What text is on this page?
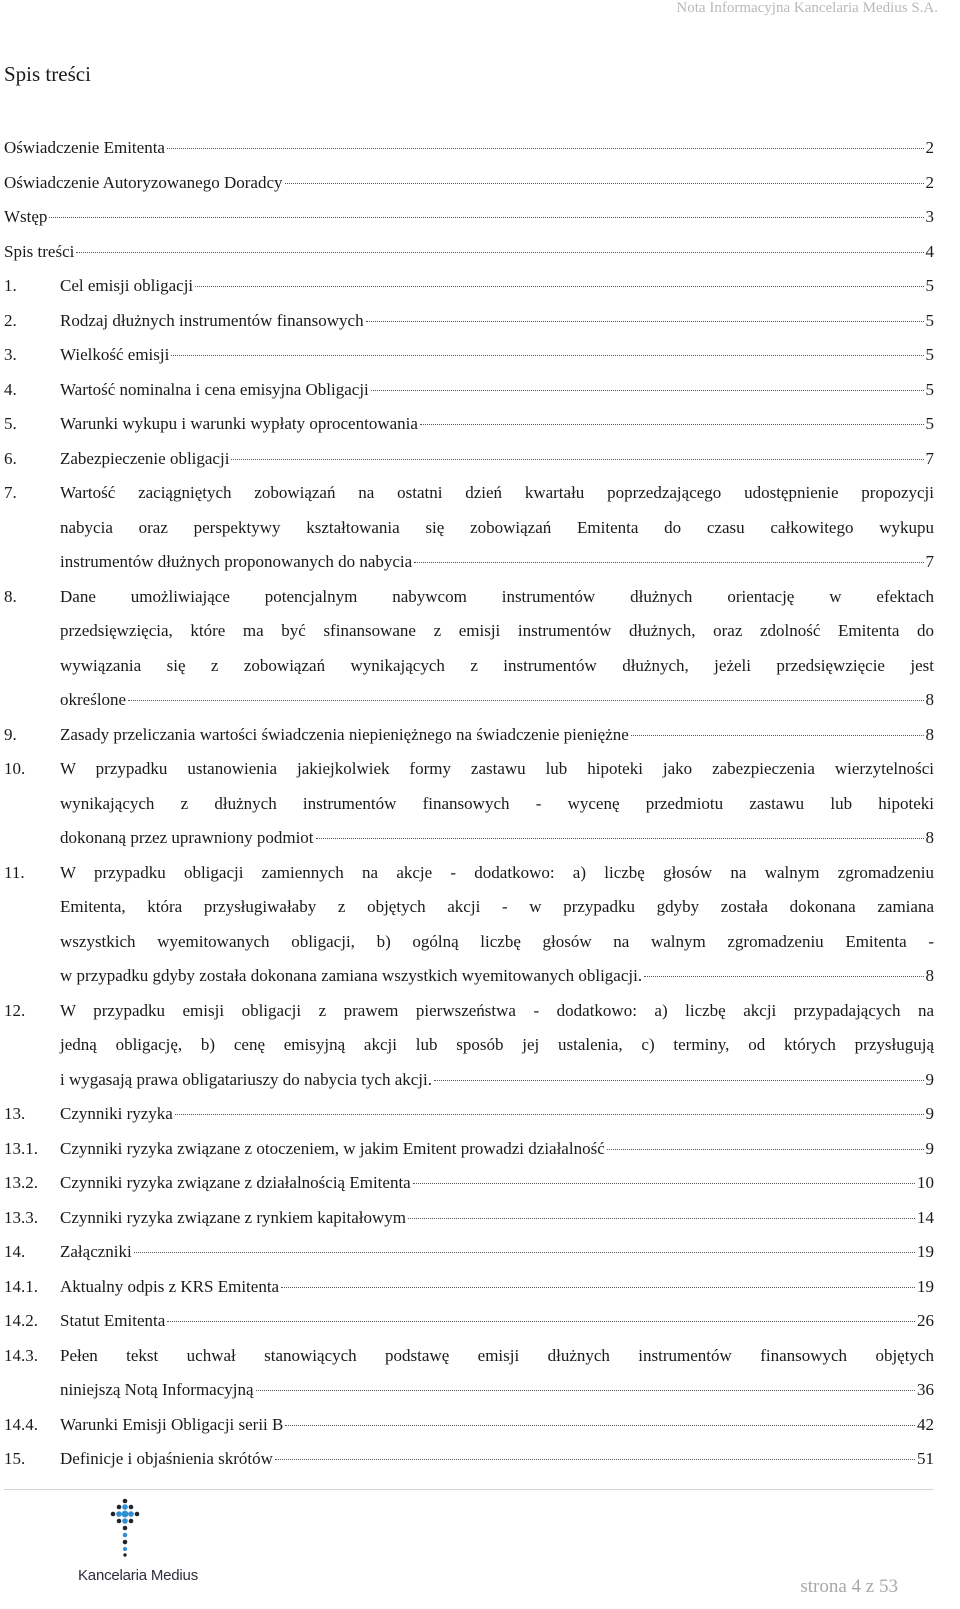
Nota Informacyjna Kancelaria Medius S.A.
Spis treści
Oświadczenie Emitenta	2
Oświadczenie Autoryzowanego Doradcy	2
Wstęp	3
Spis treści	4
1.	Cel emisji obligacji	5
2.	Rodzaj dłużnych instrumentów finansowych	5
3.	Wielkość emisji	5
4.	Wartość nominalna i cena emisyjna Obligacji	5
5.	Warunki wykupu i warunki wypłaty oprocentowania	5
6.	Zabezpieczenie obligacji	7
7.	Wartość zaciągniętych zobowiązań na ostatni dzień kwartału poprzedzającego udostępnienie propozycji
nabycia oraz perspektywy kształtowania się zobowiązań Emitenta do czasu całkowitego wykupu
instrumentów dłużnych proponowanych do nabycia	7
8.	Dane umożliwiające potencjalnym nabywcom instrumentów dłużnych orientację w efektach
przedsięwzięcia, które ma być sfinansowane z emisji instrumentów dłużnych, oraz zdolność Emitenta do
wywiązania się z zobowiązań wynikających z instrumentów dłużnych, jeżeli przedsięwzięcie jest
określone	8
9.	Zasady przeliczania wartości świadczenia niepieniężnego na świadczenie pieniężne	8
10.	W przypadku ustanowienia jakiejkolwiek formy zastawu lub hipoteki jako zabezpieczenia wierzytelności
wynikających z dłużnych instrumentów finansowych - wycenę przedmiotu zastawu lub hipoteki
dokonaną przez uprawniony podmiot	8
11.	W przypadku obligacji zamiennych na akcje - dodatkowo: a) liczbę głosów na walnym zgromadzeniu
Emitenta, która przysługiwałaby z objętych akcji - w przypadku gdyby została dokonana zamiana
wszystkich wyemitowanych obligacji, b) ogólną liczbę głosów na walnym zgromadzeniu Emitenta -
w przypadku gdyby została dokonana zamiana wszystkich wyemitowanych obligacji.	8
12.	W przypadku emisji obligacji z prawem pierwszeństwa - dodatkowo: a) liczbę akcji przypadających na
jedną obligację, b) cenę emisyjną akcji lub sposób jej ustalenia, c) terminy, od których przysługują
i wygasają prawa obligatariuszy do nabycia tych akcji.	9
13.	Czynniki ryzyka	9
13.1.	Czynniki ryzyka związane z otoczeniem, w jakim Emitent prowadzi działalność	9
13.2.	Czynniki ryzyka związane z działalnością Emitenta	10
13.3.	Czynniki ryzyka związane z rynkiem kapitałowym	14
14.	Załączniki	19
14.1.	Aktualny odpis z KRS Emitenta	19
14.2.	Statut Emitenta	26
14.3.	Pełen tekst uchwał stanowiących podstawę emisji dłużnych instrumentów finansowych objętych
niniejszą Notą Informacyjną	36
14.4.	Warunki Emisji Obligacji serii B	42
15.	Definicje i objaśnienia skrótów	51
Kancelaria Medius
strona 4 z 53
